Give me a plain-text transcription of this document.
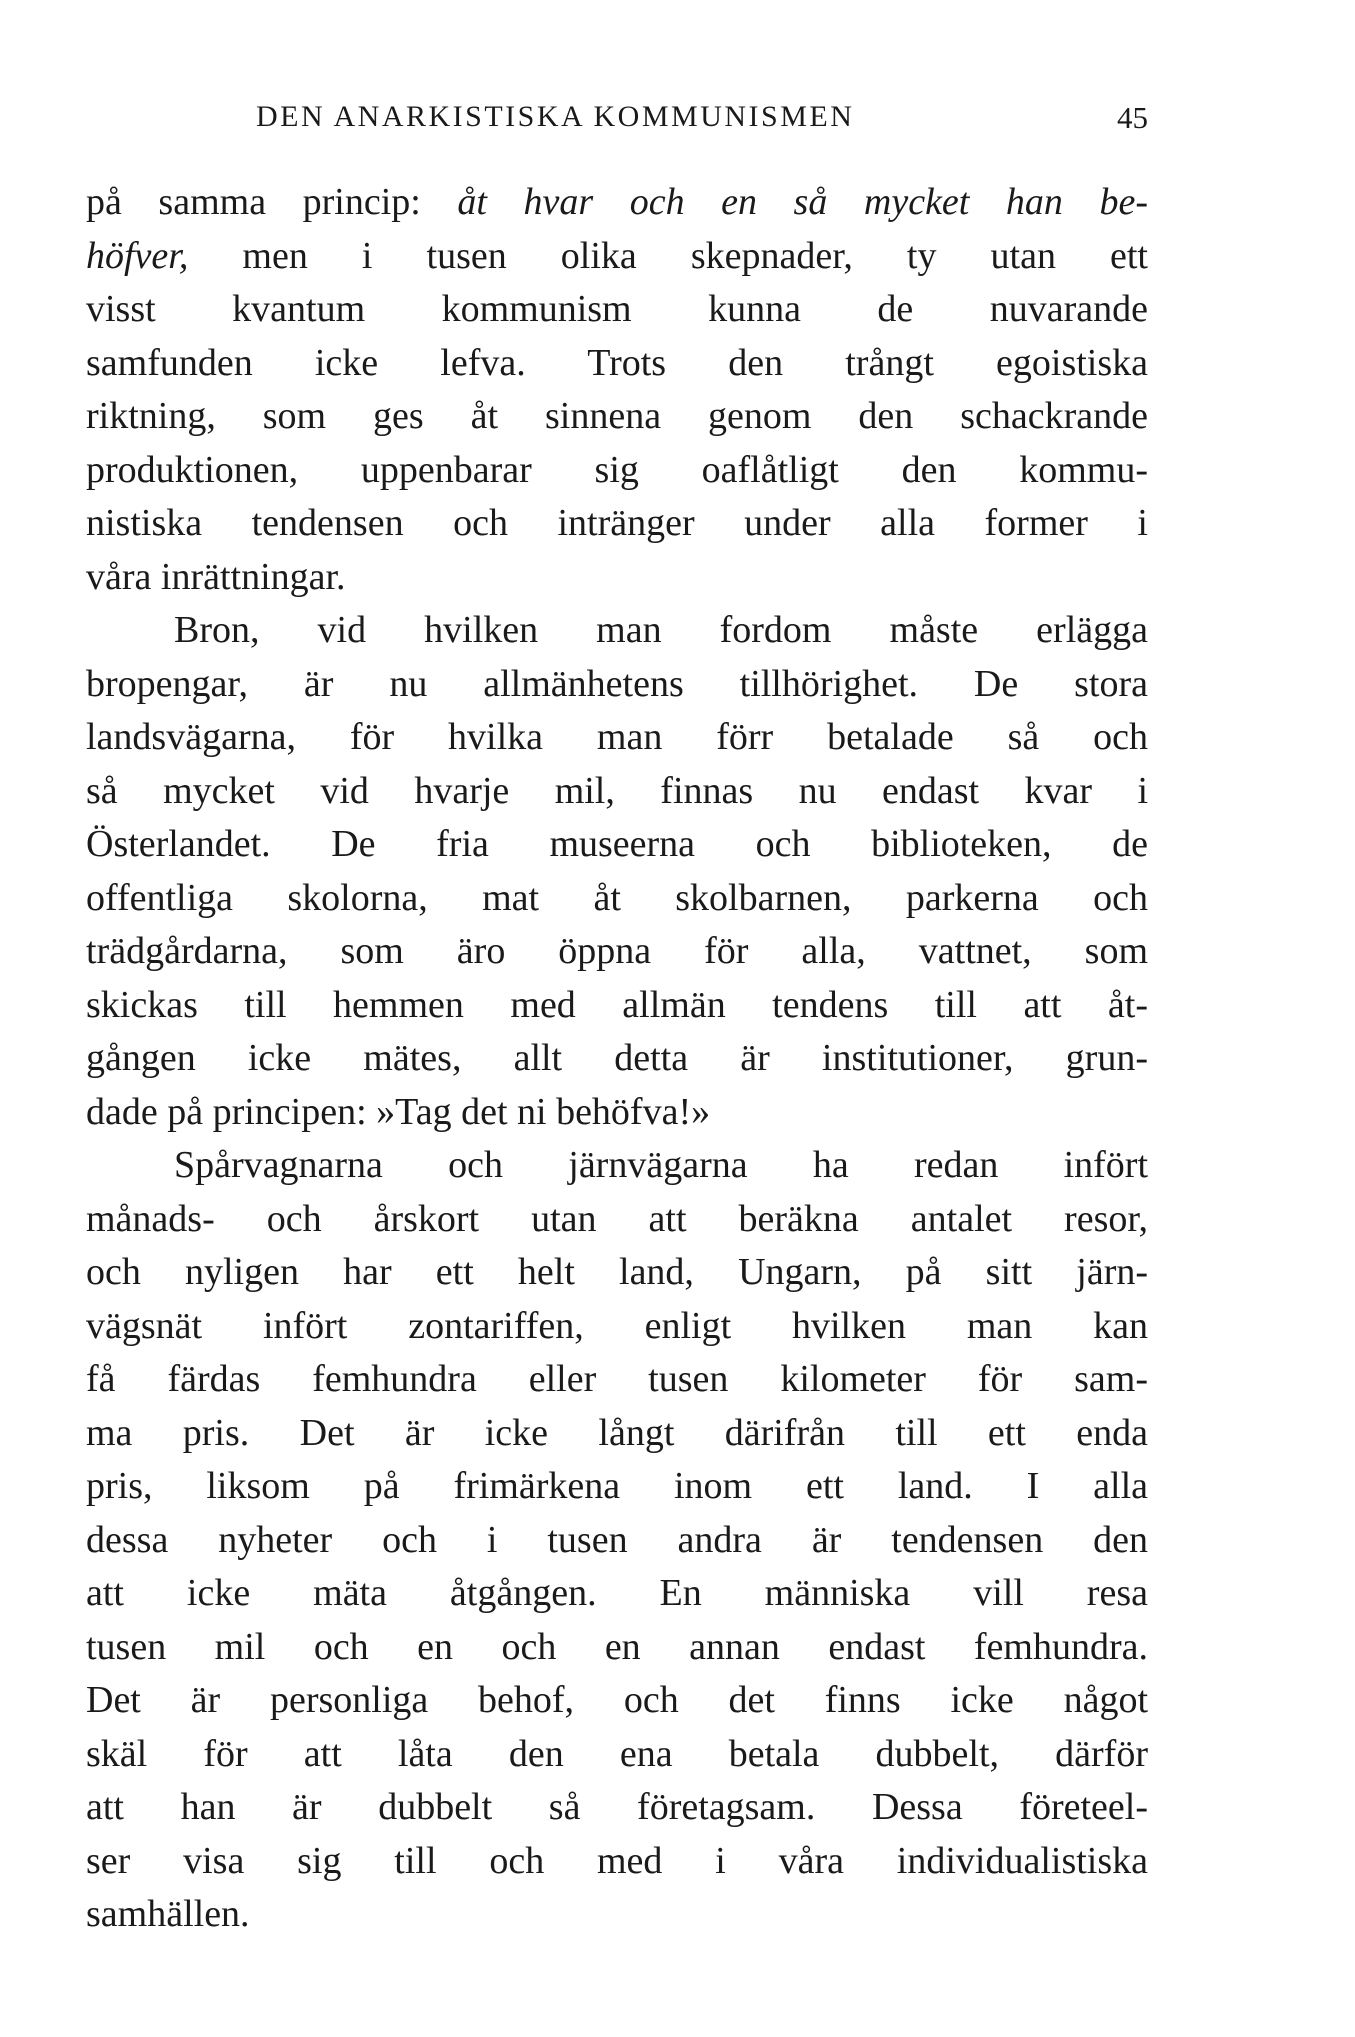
DEN ANARKISTISKA KOMMUNISMEN	45
på samma princip: åt hvar och en så mycket han be-
höfver, men i tusen olika skepnader, ty utan ett
visst kvantum kommunism kunna de nuvarande
samfunden icke lefva. Trots den trångt egoistiska
riktning, som ges åt sinnena genom den schackrande
produktionen, uppenbarar sig oaflåtligt den kommu-
nistiska tendensen och intränger under alla former i
våra inrättningar.
Bron, vid hvilken man fordom måste erlägga
bropengar, är nu allmänhetens tillhörighet. De stora
landsvägarna, för hvilka man förr betalade så och
så mycket vid hvarje mil, finnas nu endast kvar i
Österlandet. De fria museerna och biblioteken, de
offentliga skolorna, mat åt skolbarnen, parkerna och
trädgårdarna, som äro öppna för alla, vattnet, som
skickas till hemmen med allmän tendens till att åt-
gången icke mätes, allt detta är institutioner, grun-
dade på principen: »Tag det ni behöfva!»
Spårvagnarna och järnvägarna ha redan infört
månads- och årskort utan att beräkna antalet resor,
och nyligen har ett helt land, Ungarn, på sitt järn-
vägsnät infört zontariffen, enligt hvilken man kan
få färdas femhundra eller tusen kilometer för sam-
ma pris. Det är icke långt därifrån till ett enda
pris, liksom på frimärkena inom ett land. I alla
dessa nyheter och i tusen andra är tendensen den
att icke mäta åtgången. En människa vill resa
tusen mil och en och en annan endast femhundra.
Det är personliga behof, och det finns icke något
skäl för att låta den ena betala dubbelt, därför
att han är dubbelt så företagsam. Dessa företeel-
ser visa sig till och med i våra individualistiska
samhällen.
